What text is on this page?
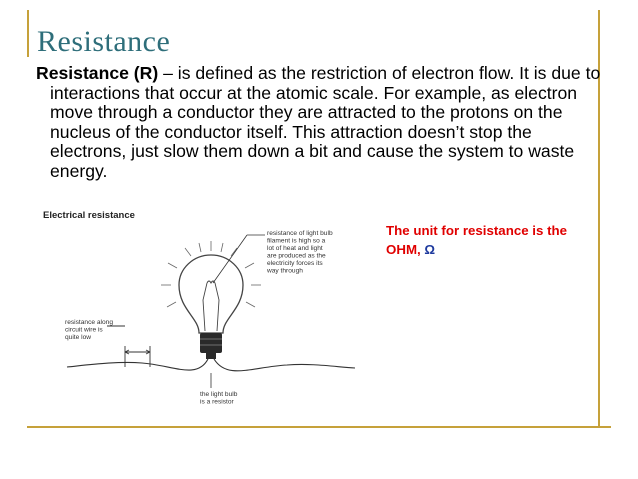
Resistance

Resistance (R) – is defined as the restriction of electron flow. It is due to interactions that occur at the atomic scale. For example, as electron move through a conductor they are attracted to the protons on the nucleus of the conductor itself. This attraction doesn’t stop the electrons, just slow them down a bit and cause the system to waste energy.

Electrical resistance
resistance of light bulb filament is high so a lot of heat and light are produced as the electricity forces its way through
resistance along circuit wire is quite low
the light bulb is a resistor
The unit for resistance is the OHM, Ω
